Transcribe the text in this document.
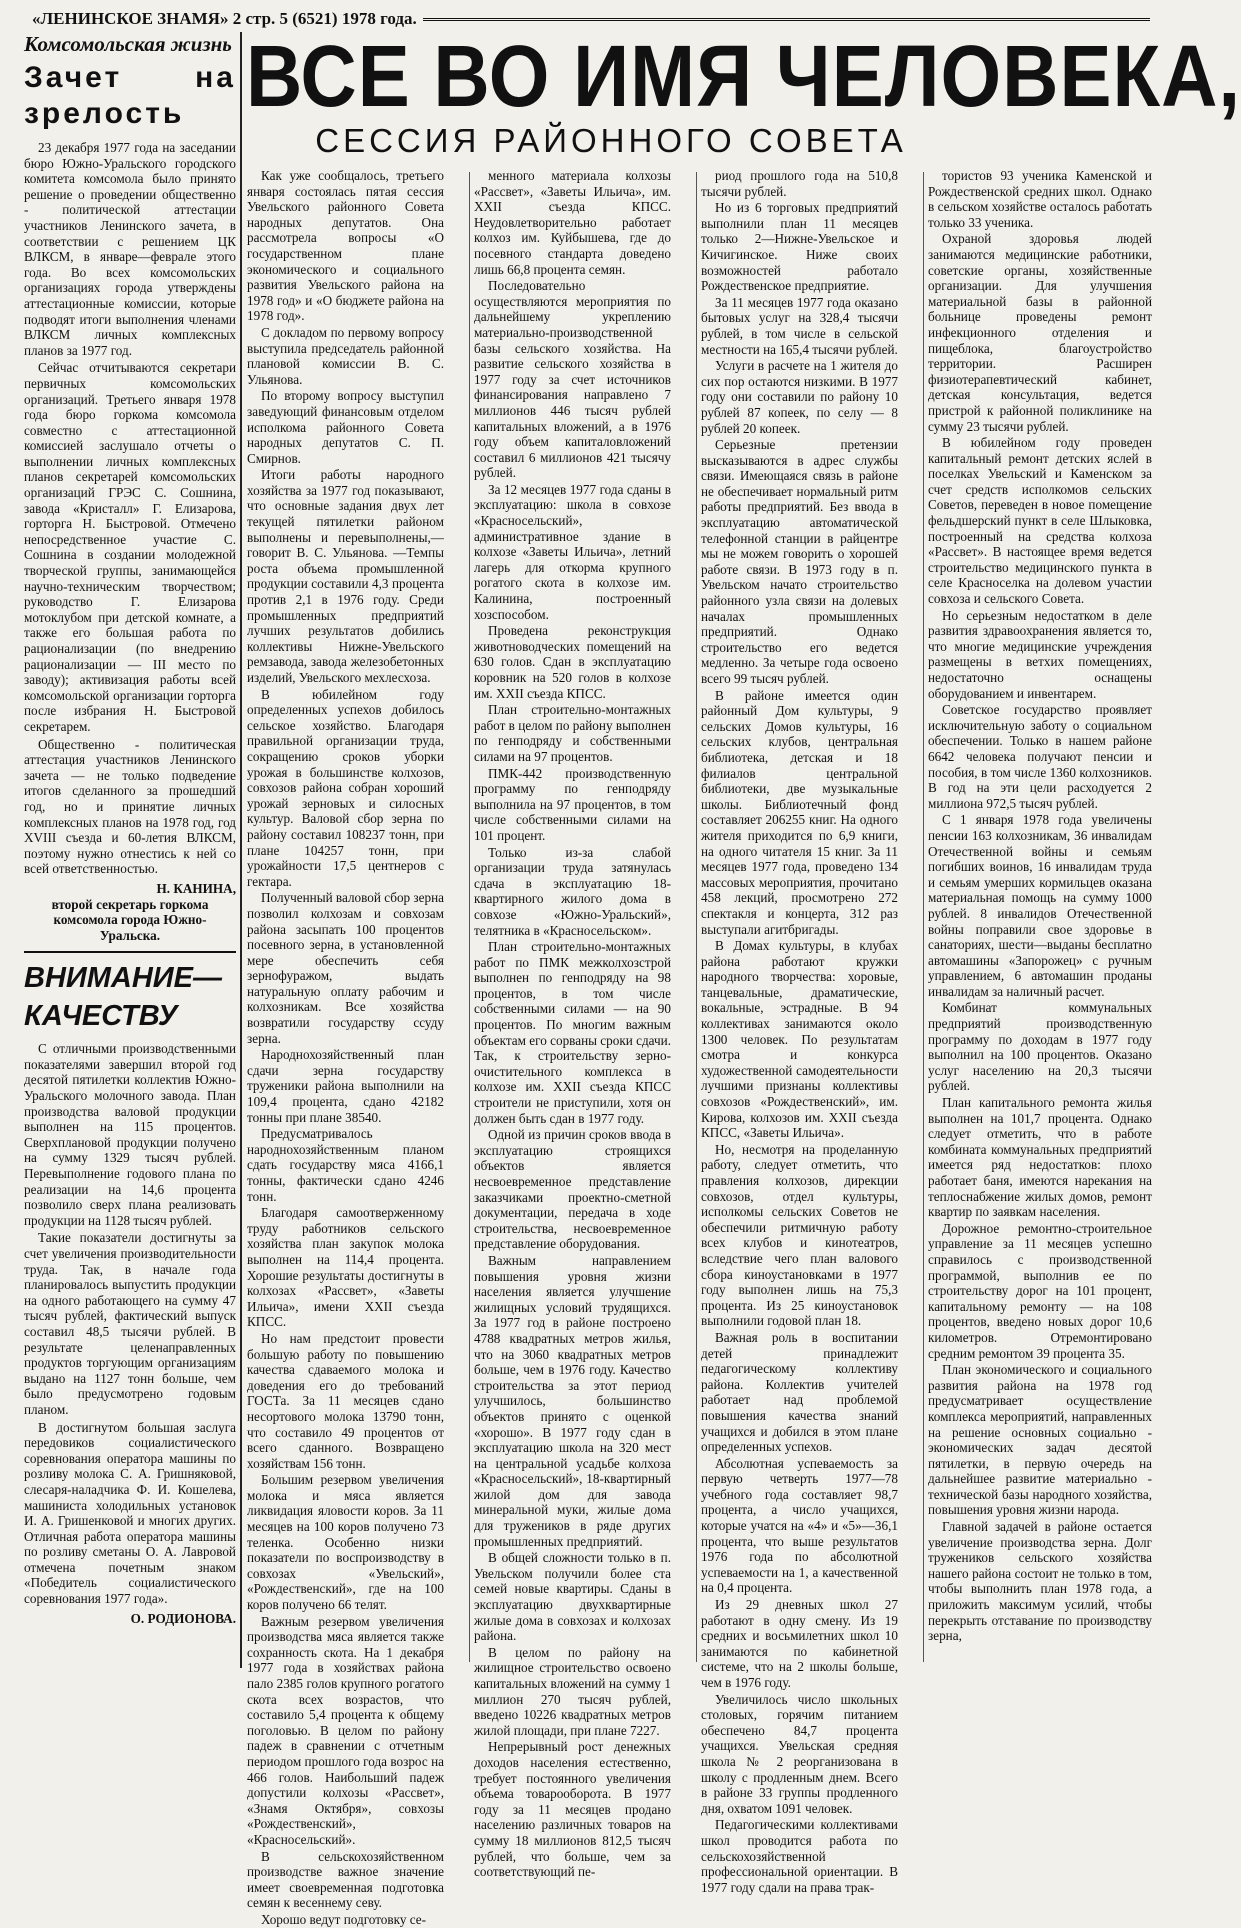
«ЛЕНИНСКОЕ ЗНАМЯ» 2 стр. 5 (6521) 1978 года.
Комсомольская жизнь
Зачет на зрелость

23 декабря 1977 года на заседании бюро Южно-Уральского городского комитета комсомола было принято решение о проведении общественно - политической аттестации участников Ленинского зачета, в соответствии с решением ЦК ВЛКСМ, в январе—феврале этого года. Во всех комсомольских организациях города утверждены аттестационные комиссии, которые подводят итоги выполнения членами ВЛКСМ личных комплексных планов за 1977 год.

Сейчас отчитываются секретари первичных комсомольских организаций. Третьего января 1978 года бюро горкома комсомола совместно с аттестационной комиссией заслушало отчеты о выполнении личных комплексных планов секретарей комсомольских организаций ГРЭС С. Сошнина, завода «Кристалл» Г. Елизарова, горторга Н. Быстровой. Отмечено непосредственное участие С. Сошнина в создании молодежной творческой группы, занимающейся научно-техническим творчеством; руководство Г. Елизарова мотоклубом при детской комнате, а также его большая работа по рационализации (по внедрению рационализации — III место по заводу); активизация работы всей комсомольской организации горторга после избрания Н. Быстровой секретарем.

Общественно - политическая аттестация участников Ленинского зачета — не только подведение итогов сделанного за прошедший год, но и принятие личных комплексных планов на 1978 год, год XVIII съезда и 60-летия ВЛКСМ, поэтому нужно отнестись к ней со всей ответственностью.

Н. КАНИНА,
второй секретарь горкома комсомола города Южно-Уральска.
ВНИМАНИЕ—КАЧЕСТВУ

С отличными производственными показателями завершил второй год десятой пятилетки коллектив Южно-Уральского молочного завода. План производства валовой продукции выполнен на 115 процентов. Сверхплановой продукции получено на сумму 1329 тысяч рублей. Перевыполнение годового плана по реализации на 14,6 процента позволило сверх плана реализовать продукции на 1128 тысяч рублей.

Такие показатели достигнуты за счет увеличения производительности труда. Так, в начале года планировалось выпустить продукции на одного работающего на сумму 47 тысяч рублей, фактический выпуск составил 48,5 тысячи рублей. В результате целенаправленных продуктов торгующим организациям выдано на 1127 тонн больше, чем было предусмотрено годовым планом.

В достигнутом большая заслуга передовиков социалистического соревнования оператора машины по розливу молока С. А. Гришняковой, слесаря-наладчика Ф. И. Кошелева, машиниста холодильных установок И. А. Гришенковой и многих других. Отличная работа оператора машины по розливу сметаны О. А. Лавровой отмечена почетным знаком «Победитель социалистического соревнования 1977 года».

О. РОДИОНОВА.
ВСЕ ВО ИМЯ ЧЕЛОВЕКА,
СЕССИЯ РАЙОННОГО СОВЕТА

Как уже сообщалось, третьего января состоялась пятая сессия Увельского районного Совета народных депутатов. Она рассмотрела вопросы «О государственном плане экономического и социального развития Увельского района на 1978 год» и «О бюджете района на 1978 год».

С докладом по первому вопросу выступила председатель районной плановой комиссии В. С. Ульянова.

По второму вопросу выступил заведующий финансовым отделом исполкома районного Совета народных депутатов С. П. Смирнов.

Итоги работы народного хозяйства за 1977 год показывают, что основные задания двух лет текущей пятилетки районом выполнены и перевыполнены,— говорит В. С. Ульянова. —Темпы роста объема промышленной продукции составили 4,3 процента против 2,1 в 1976 году. Среди промышленных предприятий лучших результатов добились коллективы Нижне-Увельского ремзавода, завода железобетонных изделий, Увельского мехлесхоза.

В юбилейном году определенных успехов добилось сельское хозяйство. Благодаря правильной организации труда, сокращению сроков уборки урожая в большинстве колхозов, совхозов района собран хороший урожай зерновых и силосных культур. Валовой сбор зерна по району составил 108237 тонн, при плане 104257 тонн, при урожайности 17,5 центнеров с гектара.

Полученный валовой сбор зерна позволил колхозам и совхозам района засыпать 100 процентов посевного зерна, в установленной мере обеспечить себя зернофуражом, выдать натуральную оплату рабочим и колхозникам. Все хозяйства возвратили государству ссуду зерна.

Народнохозяйственный план сдачи зерна государству труженики района выполнили на 109,4 процента, сдано 42182 тонны при плане 38540.

Предусматривалось народнохозяйственным планом сдать государству мяса 4166,1 тонны, фактически сдано 4246 тонн.

Благодаря самоотверженному труду работников сельского хозяйства план закупок молока выполнен на 114,4 процента. Хорошие результаты достигнуты в колхозах «Рассвет», «Заветы Ильича», имени XXII съезда КПСС.

Но нам предстоит провести большую работу по повышению качества сдаваемого молока и доведения его до требований ГОСТа. За 11 месяцев сдано несортового молока 13790 тонн, что составило 49 процентов от всего сданного. Возвращено хозяйствам 156 тонн.

Большим резервом увеличения молока и мяса является ликвидация яловости коров. За 11 месяцев на 100 коров получено 73 теленка. Особенно низки показатели по воспроизводству в совхозах «Увельский», «Рождественский», где на 100 коров получено 66 телят.

Важным резервом увеличения производства мяса является также сохранность скота. На 1 декабря 1977 года в хозяйствах района пало 2385 голов крупного рогатого скота всех возрастов, что составило 5,4 процента к общему поголовью. В целом по району падеж в сравнении с отчетным периодом прошлого года возрос на 466 голов. Наибольший падеж допустили колхозы «Рассвет», «Знамя Октября», совхозы «Рождественский», «Красносельский».

В сельскохозяйственном производстве важное значение имеет своевременная подготовка семян к весеннему севу.

Хорошо ведут подготовку се-

менного материала колхозы «Рассвет», «Заветы Ильича», им. XXII съезда КПСС. Неудовлетворительно работает колхоз им. Куйбышева, где до посевного стандарта доведено лишь 66,8 процента семян.

Последовательно осуществляются мероприятия по дальнейшему укреплению материально-производственной базы сельского хозяйства. На развитие сельского хозяйства в 1977 году за счет источников финансирования направлено 7 миллионов 446 тысяч рублей капитальных вложений, а в 1976 году объем капиталовложений составил 6 миллионов 421 тысячу рублей.

За 12 месяцев 1977 года сданы в эксплуатацию: школа в совхозе «Красносельский», административное здание в колхозе «Заветы Ильича», летний лагерь для откорма крупного рогатого скота в колхозе им. Калинина, построенный хозспособом.

Проведена реконструкция животноводческих помещений на 630 голов. Сдан в эксплуатацию коровник на 520 голов в колхозе им. XXII съезда КПСС.

План строительно-монтажных работ в целом по району выполнен по генподряду и собственными силами на 97 процентов.

ПМК-442 производственную программу по генподряду выполнила на 97 процентов, в том числе собственными силами на 101 процент.

Только из-за слабой организации труда затянулась сдача в эксплуатацию 18- квартирного жилого дома в совхозе «Южно-Уральский», телятника в «Красносельском».

План строительно-монтажных работ по ПМК межколхозстрой выполнен по генподряду на 98 процентов, в том числе собственными силами — на 90 процентов. По многим важным объектам его сорваны сроки сдачи. Так, к строительству зерно-очистительного комплекса в колхозе им. XXII съезда КПСС строители не приступили, хотя он должен быть сдан в 1977 году.

Одной из причин сроков ввода в эксплуатацию строящихся объектов является несвоевременное представление заказчиками проектно-сметной документации, передача в ходе строительства, несвоевременное представление оборудования.

Важным направлением повышения уровня жизни населения является улучшение жилищных условий трудящихся. За 1977 год в районе построено 4788 квадратных метров жилья, что на 3060 квадратных метров больше, чем в 1976 году. Качество строительства за этот период улучшилось, большинство объектов принято с оценкой «хорошо». В 1977 году сдан в эксплуатацию школа на 320 мест на центральной усадьбе колхоза «Красносельский», 18-квартирный жилой дом для завода минеральной муки, жилые дома для тружеников в ряде других промышленных предприятий.

В общей сложности только в п. Увельском получили более ста семей новые квартиры. Сданы в эксплуатацию двухквартирные жилые дома в совхозах и колхозах района.

В целом по району на жилищное строительство освоено капитальных вложений на сумму 1 миллион 270 тысяч рублей, введено 10226 квадратных метров жилой площади, при плане 7227.

Непрерывный рост денежных доходов населения естественно, требует постоянного увеличения объема товарооборота. В 1977 году за 11 месяцев продано населению различных товаров на сумму 18 миллионов 812,5 тысяч рублей, что больше, чем за соответствующий пе-

риод прошлого года на 510,8 тысячи рублей.

Но из 6 торговых предприятий выполнили план 11 месяцев только 2—Нижне-Увельское и Кичигинское. Ниже своих возможностей работало Рождественское предприятие.

За 11 месяцев 1977 года оказано бытовых услуг на 328,4 тысячи рублей, в том числе в сельской местности на 165,4 тысячи рублей.

Услуги в расчете на 1 жителя до сих пор остаются низкими. В 1977 году они составили по району 10 рублей 87 копеек, по селу — 8 рублей 20 копеек.

Серьезные претензии высказываются в адрес службы связи. Имеющаяся связь в районе не обеспечивает нормальный ритм работы предприятий. Без ввода в эксплуатацию автоматической телефонной станции в райцентре мы не можем говорить о хорошей работе связи. В 1973 году в п. Увельском начато строительство районного узла связи на долевых началах промышленных предприятий. Однако строительство его ведется медленно. За четыре года освоено всего 99 тысяч рублей.

В районе имеется один районный Дом культуры, 9 сельских Домов культуры, 16 сельских клубов, центральная библиотека, детская и 18 филиалов центральной библиотеки, две музыкальные школы. Библиотечный фонд составляет 206255 книг. На одного жителя приходится по 6,9 книги, на одного читателя 15 книг. За 11 месяцев 1977 года, проведено 134 массовых мероприятия, прочитано 458 лекций, просмотрено 272 спектакля и концерта, 312 раз выступали агитбригады.

В Домах культуры, в клубах района работают кружки народного творчества: хоровые, танцевальные, драматические, вокальные, эстрадные. В 94 коллективах занимаются около 1300 человек. По результатам смотра и конкурса художественной самодеятельности лучшими признаны коллективы совхозов «Рождественский», им. Кирова, колхозов им. XXII съезда КПСС, «Заветы Ильича».

Но, несмотря на проделанную работу, следует отметить, что правления колхозов, дирекции совхозов, отдел культуры, исполкомы сельских Советов не обеспечили ритмичную работу всех клубов и кинотеатров, вследствие чего план валового сбора киноустановками в 1977 году выполнен лишь на 75,3 процента. Из 25 киноустановок выполнили годовой план 18.

Важная роль в воспитании детей принадлежит педагогическому коллективу района. Коллектив учителей работает над проблемой повышения качества знаний учащихся и добился в этом плане определенных успехов.

Абсолютная успеваемость за первую четверть 1977—78 учебного года составляет 98,7 процента, а число учащихся, которые учатся на «4» и «5»—36,1 процента, что выше результатов 1976 года по абсолютной успеваемости на 1, а качественной на 0,4 процента.

Из 29 дневных школ 27 работают в одну смену. Из 19 средних и восьмилетних школ 10 занимаются по кабинетной системе, что на 2 школы больше, чем в 1976 году.

Увеличилось число школьных столовых, горячим питанием обеспечено 84,7 процента учащихся. Увельская средняя школа № 2 реорганизована в школу с продленным днем. Всего в районе 33 группы продленного дня, охватом 1091 человек.

Педагогическими коллективами школ проводится работа по сельскохозяйственной профессиональной ориентации. В 1977 году сдали на права трак-

тористов 93 ученика Каменской и Рождественской средних школ. Однако в сельском хозяйстве осталось работать только 33 ученика.

Охраной здоровья людей занимаются медицинские работники, советские органы, хозяйственные организации. Для улучшения материальной базы в районной больнице проведены ремонт инфекционного отделения и пищеблока, благоустройство территории. Расширен физиотерапевтический кабинет, детская консультация, ведется пристрой к районной поликлинике на сумму 23 тысячи рублей.

В юбилейном году проведен капитальный ремонт детских яслей в поселках Увельский и Каменском за счет средств исполкомов сельских Советов, переведен в новое помещение фельдшерский пункт в селе Шлыковка, построенный на средства колхоза «Рассвет». В настоящее время ведется строительство медицинского пункта в селе Красноселка на долевом участии совхоза и сельского Совета.

Но серьезным недостатком в деле развития здравоохранения является то, что многие медицинские учреждения размещены в ветхих помещениях, недостаточно оснащены оборудованием и инвентарем.

Советское государство проявляет исключительную заботу о социальном обеспечении. Только в нашем районе 6642 человека получают пенсии и пособия, в том числе 1360 колхозников. В год на эти цели расходуется 2 миллиона 972,5 тысяч рублей.

С 1 января 1978 года увеличены пенсии 163 колхозникам, 36 инвалидам Отечественной войны и семьям погибших воинов, 16 инвалидам труда и семьям умерших кормильцев оказана материальная помощь на сумму 1000 рублей. 8 инвалидов Отечественной войны поправили свое здоровье в санаториях, шести—выданы бесплатно автомашины «Запорожец» с ручным управлением, 6 автомашин проданы инвалидам за наличный расчет.

Комбинат коммунальных предприятий производственную программу по доходам в 1977 году выполнил на 100 процентов. Оказано услуг населению на 20,3 тысячи рублей.

План капитального ремонта жилья выполнен на 101,7 процента. Однако следует отметить, что в работе комбината коммунальных предприятий имеется ряд недостатков: плохо работает баня, имеются нарекания на теплоснабжение жилых домов, ремонт квартир по заявкам населения.

Дорожное ремонтно-строительное управление за 11 месяцев успешно справилось с производственной программой, выполнив ее по строительству дорог на 101 процент, капитальному ремонту — на 108 процентов, введено новых дорог 10,6 километров. Отремонтировано средним ремонтом 39 процента 35.

План экономического и социального развития района на 1978 год предусматривает осуществление комплекса мероприятий, направленных на решение основных социально - экономических задач десятой пятилетки, в первую очередь на дальнейшее развитие материально - технической базы народного хозяйства, повышения уровня жизни народа.

Главной задачей в районе остается увеличение производства зерна. Долг тружеников сельского хозяйства нашего района состоит не только в том, чтобы выполнить план 1978 года, а приложить максимум усилий, чтобы перекрыть отставание по производству зерна,
